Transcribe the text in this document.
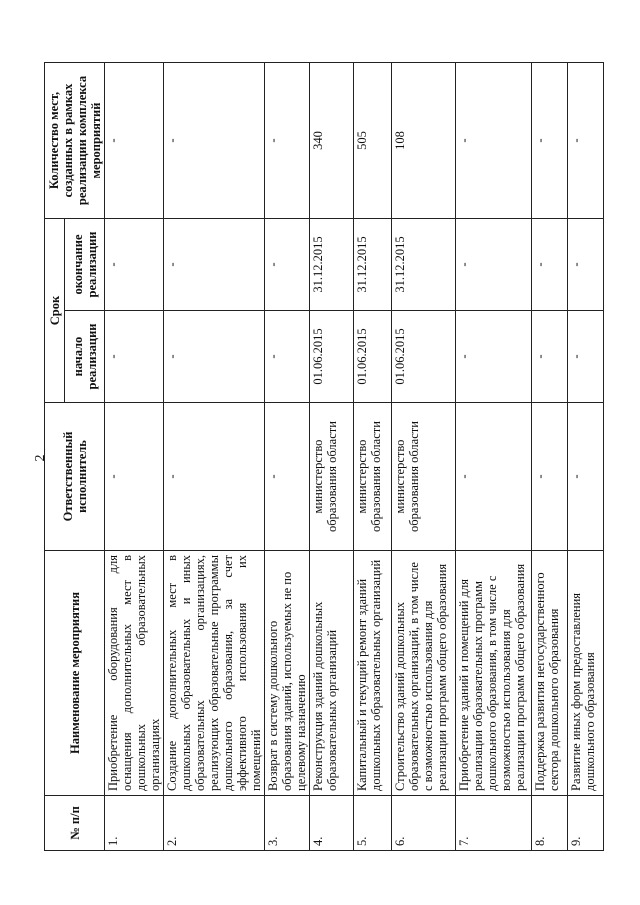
2
№ п/п	Наименование мероприятия	Ответственный исполнитель	Срок		Количество мест, созданных в рамках реализации комплекса мероприятий
			начало реализации	окончание реализации	
1.	Приобретение оборудования для оснащения дополнительных мест в дошкольных образовательных организациях	-	-	-	-
2.	Создание дополнительных мест в дошкольных образовательных и иных образовательных организациях, реализующих образовательные программы дошкольного образования, за счет эффективного использования их помещений	-	-	-	-
3.	Возврат в систему дошкольного образования зданий, используемых не по целевому назначению	-	-	-	-
4.	Реконструкция зданий дошкольных образовательных организаций	министерство образования области	01.06.2015	31.12.2015	340
5.	Капитальный и текущий ремонт зданий дошкольных образовательных организаций	министерство образования области	01.06.2015	31.12.2015	505
6.	Строительство зданий дошкольных образовательных организаций, в том числе с возможностью использования для реализации программ общего образования	министерство образования области	01.06.2015	31.12.2015	108
7.	Приобретение зданий и помещений для реализации образовательных программ дошкольного образования, в том числе с возможностью использования для реализации программ общего образования	-	-	-	-
8.	Поддержка развития негосударственного сектора дошкольного образования	-	-	-	-
9.	Развитие иных форм предоставления дошкольного образования	-	-	-	-
